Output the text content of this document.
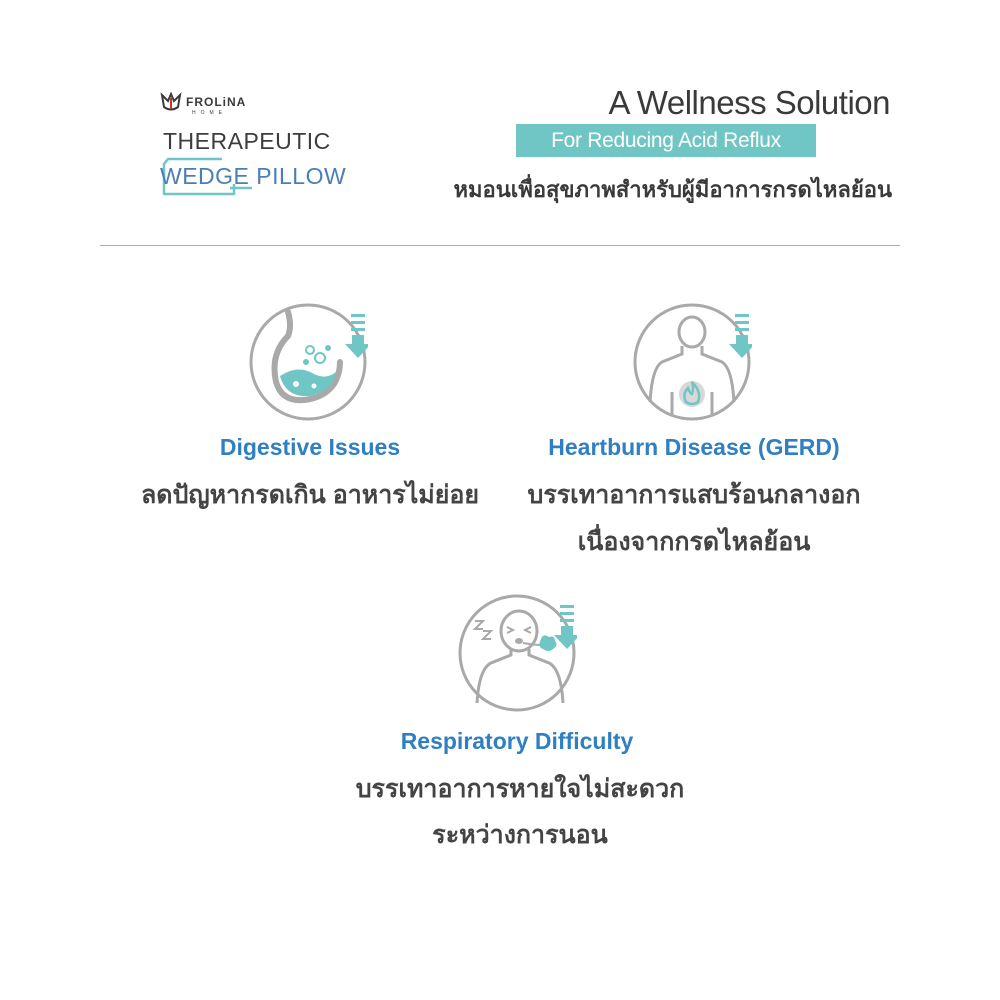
FROLiNA
HOME
THERAPEUTIC
WEDGE PILLOW
A Wellness Solution
For Reducing Acid Reflux
หมอนเพื่อสุขภาพสำหรับผู้มีอาการกรดไหลย้อน
Digestive Issues
ลดปัญหากรดเกิน อาหารไม่ย่อย
Heartburn Disease (GERD)
บรรเทาอาการแสบร้อนกลางอก
เนื่องจากกรดไหลย้อน
Respiratory Difficulty
บรรเทาอาการหายใจไม่สะดวก
ระหว่างการนอน
